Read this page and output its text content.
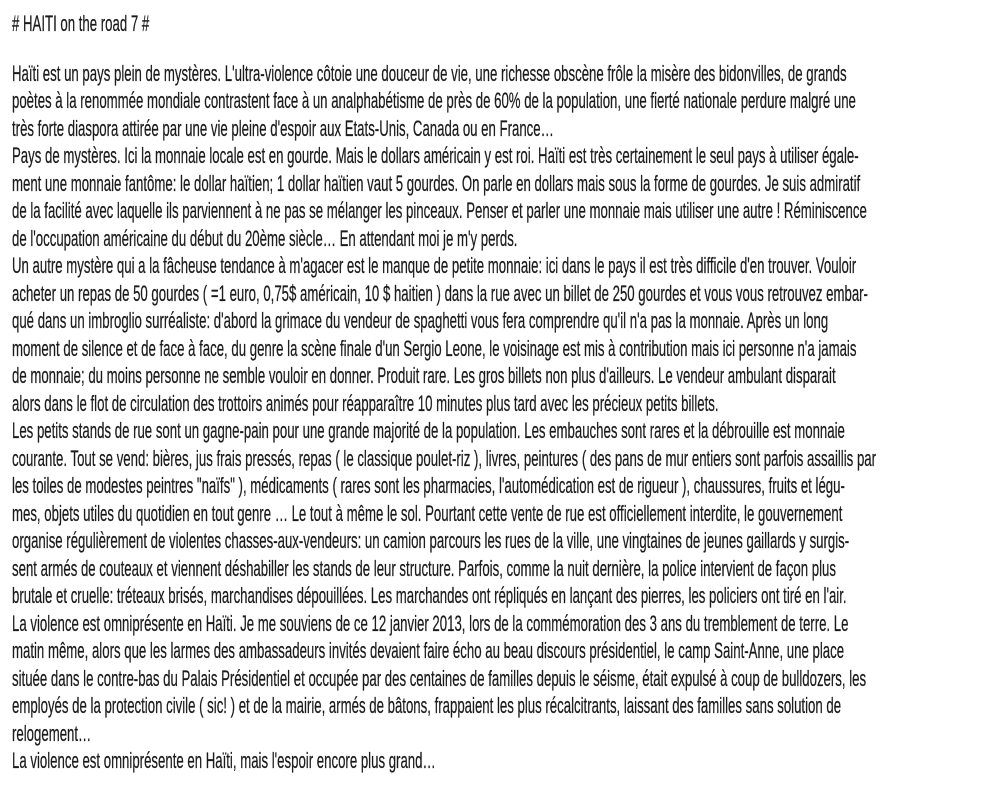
# HAITI on the road 7 #
Haïti est un pays plein de mystères. L'ultra-violence côtoie une douceur de vie, une richesse obscène frôle la misère des bidonvilles, de grands
poètes à la renommée mondiale contrastent face à un analphabétisme de près de 60% de la population, une fierté nationale perdure malgré une
très forte diaspora attirée par une vie pleine d'espoir aux Etats-Unis, Canada ou en France…
Pays de mystères. Ici la monnaie locale est en gourde. Mais le dollars américain y est roi. Haïti est très certainement le seul pays à utiliser égale-
ment une monnaie fantôme: le dollar haïtien; 1 dollar haïtien vaut 5 gourdes. On parle en dollars mais sous la forme de gourdes. Je suis admiratif
de la facilité avec laquelle ils parviennent à ne pas se mélanger les pinceaux. Penser et parler une monnaie mais utiliser une autre ! Réminiscence
de l'occupation américaine du début du 20ème siècle… En attendant moi je m'y perds.
Un autre mystère qui a la fâcheuse tendance à m'agacer est le manque de petite monnaie: ici dans le pays il est très difficile d'en trouver. Vouloir
acheter un repas de 50 gourdes ( =1 euro, 0,75$ américain, 10 $ haitien ) dans la rue avec un billet de 250 gourdes et vous vous retrouvez embar-
qué dans un imbroglio surréaliste: d'abord la grimace du vendeur de spaghetti vous fera comprendre qu'il n'a pas la monnaie. Après un long
moment de silence et de face à face, du genre la scène finale d'un Sergio Leone, le voisinage est mis à contribution mais ici personne n'a jamais
de monnaie; du moins personne ne semble vouloir en donner. Produit rare. Les gros billets non plus d'ailleurs. Le vendeur ambulant disparait
alors dans le flot de circulation des trottoirs animés pour réapparaître 10 minutes plus tard avec les précieux petits billets.
Les petits stands de rue sont un gagne-pain pour une grande majorité de la population. Les embauches sont rares et la débrouille est monnaie
courante. Tout se vend: bières, jus frais pressés, repas ( le classique poulet-riz ), livres, peintures ( des pans de mur entiers sont parfois assaillis par
les toiles de modestes peintres "naïfs" ), médicaments ( rares sont les pharmacies, l'automédication est de rigueur ), chaussures, fruits et légu-
mes, objets utiles du quotidien en tout genre … Le tout à même le sol. Pourtant cette vente de rue est officiellement interdite, le gouvernement
organise régulièrement de violentes chasses-aux-vendeurs: un camion parcours les rues de la ville, une vingtaines de jeunes gaillards y surgis-
sent armés de couteaux et viennent déshabiller les stands de leur structure. Parfois, comme la nuit dernière, la police intervient de façon plus
brutale et cruelle: tréteaux brisés, marchandises dépouillées. Les marchandes ont répliqués en lançant des pierres, les policiers ont tiré en l'air.
La violence est omniprésente en Haïti. Je me souviens de ce 12 janvier 2013, lors de la commémoration des 3 ans du tremblement de terre. Le
matin même, alors que les larmes des ambassadeurs invités devaient faire écho au beau discours présidentiel, le camp Saint-Anne, une place
située dans le contre-bas du Palais Présidentiel et occupée par des centaines de familles depuis le séisme, était expulsé à coup de bulldozers, les
employés de la protection civile ( sic! ) et de la mairie, armés de bâtons, frappaient les plus récalcitrants, laissant des familles sans solution de
relogement…
La violence est omniprésente en Haïti, mais l'espoir encore plus grand…
